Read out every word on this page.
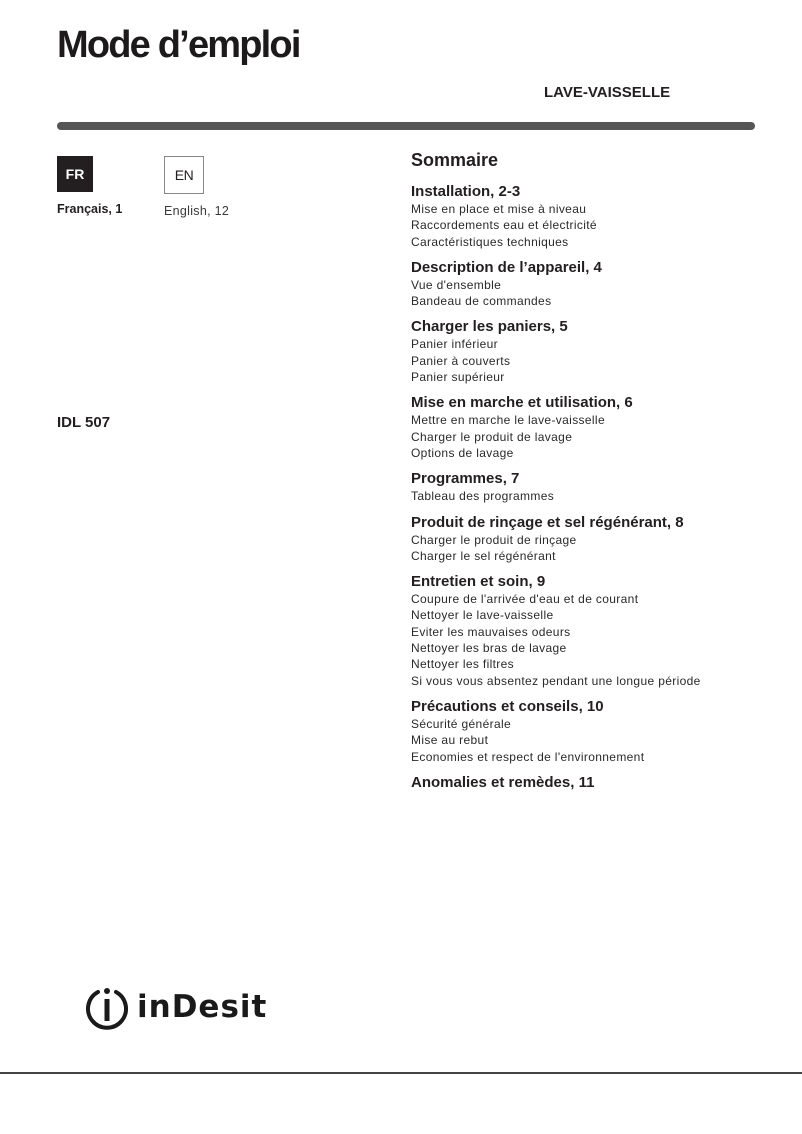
Mode d’emploi
LAVE-VAISSELLE
FR
Français, 1
EN
English, 12
IDL 507
Sommaire
Installation, 2-3
Mise en place et mise à niveau
Raccordements eau et électricité
Caractéristiques techniques
Description de l’appareil, 4
Vue d'ensemble
Bandeau de commandes
Charger les paniers, 5
Panier inférieur
Panier à couverts
Panier supérieur
Mise en marche et utilisation, 6
Mettre en marche le lave-vaisselle
Charger le produit de lavage
Options de lavage
Programmes, 7
Tableau des programmes
Produit de rinçage et sel régénérant, 8
Charger le produit de rinçage
Charger le sel régénérant
Entretien et soin, 9
Coupure de l'arrivée d'eau et de courant
Nettoyer le lave-vaisselle
Eviter les mauvaises odeurs
Nettoyer les bras de lavage
Nettoyer les filtres
Si vous vous absentez pendant une longue période
Précautions et conseils, 10
Sécurité générale
Mise au rebut
Economies et respect de l'environnement
Anomalies et remèdes, 11
inDesit
